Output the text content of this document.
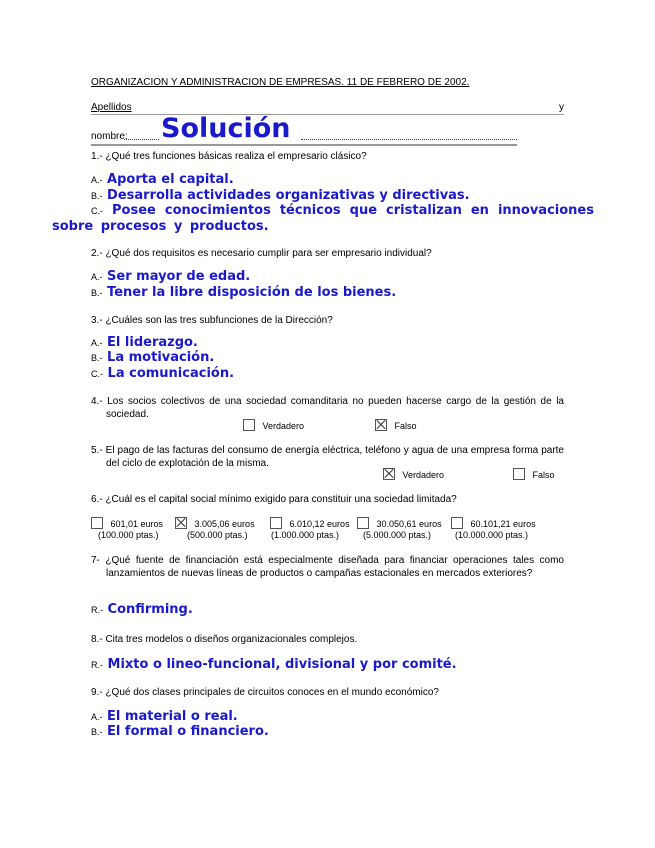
ORGANIZACION Y ADMINISTRACION DE EMPRESAS. 11 DE FEBRERO DE 2002.
Apellidos	y
nombre: Solución
1.- ¿Qué tres funciones básicas realiza el empresario clásico?
A.- Aporta el capital.
B.- Desarrolla actividades organizativas y directivas.
C.- Posee conocimientos técnicos que cristalizan en innovaciones sobre procesos y productos.
2.- ¿Qué dos requisitos es necesario cumplir para ser empresario individual?
A.- Ser mayor de edad.
B.- Tener la libre disposición de los bienes.
3.- ¿Cuáles son las tres subfunciones de la Dirección?
A.- El liderazgo.
B.- La motivación.
C.- La comunicación.
4.- Los socios colectivos de una sociedad comanditaria no pueden hacerse cargo de la gestión de la sociedad.
Verdadero	Falso
5.- El pago de las facturas del consumo de energía eléctrica, teléfono y agua de una empresa forma parte del ciclo de explotación de la misma.
Verdadero	Falso
6.- ¿Cuál es el capital social mínimo exigido para constituir una sociedad limitada?
601,01 euros
(100.000 ptas.)
3.005,06 euros
(500.000 ptas.)
6.010,12 euros
(1.000.000 ptas.)
30.050,61 euros
(5.000.000 ptas.)
60.101,21 euros
(10.000.000 ptas.)
7- ¿Qué fuente de financiación está especialmente diseñada para financiar operaciones tales como lanzamientos de nuevas líneas de productos o campañas estacionales en mercados exteriores?
R.- Confirming.
8.- Cita tres modelos o diseños organizacionales complejos.
R.- Mixto o lineo-funcional, divisional y por comité.
9.- ¿Qué dos clases principales de circuitos conoces en el mundo económico?
A.- El material o real.
B.- El formal o financiero.
